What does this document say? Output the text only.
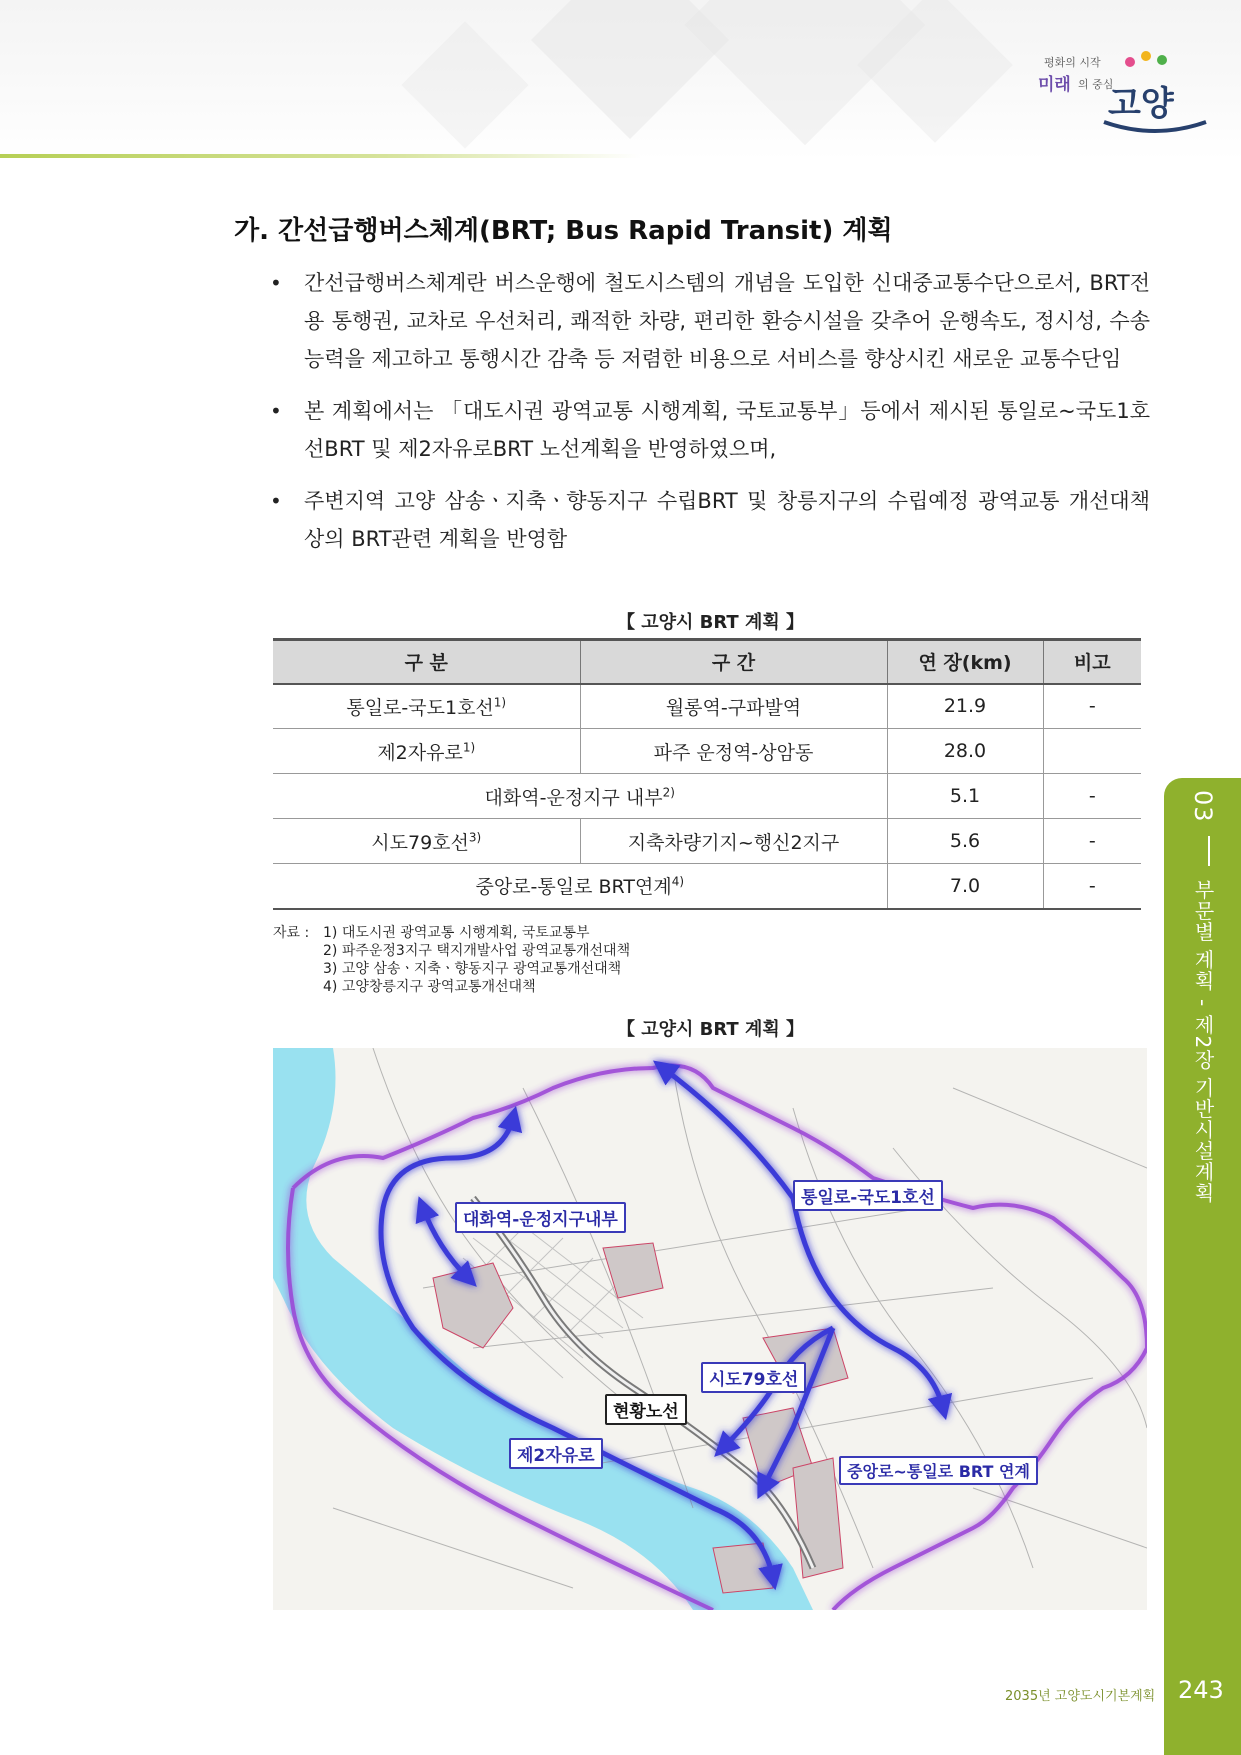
평화의 시작
미래 의 중심
고양
가. 간선급행버스체계(BRT; Bus Rapid Transit) 계획
• 간선급행버스체계란 버스운행에 철도시스템의 개념을 도입한 신대중교통수단으로서, BRT전용 통행권, 교차로 우선처리, 쾌적한 차량, 편리한 환승시설을 갖추어 운행속도, 정시성, 수송능력을 제고하고 통행시간 감축 등 저렴한 비용으로 서비스를 향상시킨 새로운 교통수단임
• 본 계획에서는 「대도시권 광역교통 시행계획, 국토교통부」등에서 제시된 통일로~국도1호선BRT 및 제2자유로BRT 노선계획을 반영하였으며,
• 주변지역 고양 삼송ㆍ지축ㆍ향동지구 수립BRT 및 창릉지구의 수립예정 광역교통 개선대책 상의 BRT관련 계획을 반영함
【 고양시 BRT 계획 】
구 분	구 간	연 장(km)	비고
통일로-국도1호선$^{1)}$	월롱역-구파발역	21.9	-
제2자유로$^{1)}$	파주 운정역-상암동	28.0	
대화역-운정지구 내부$^{2)}$		5.1	-
시도79호선$^{3)}$	지축차량기지~행신2지구	5.6	-
중앙로-통일로 BRT연계$^{4)}$		7.0	-
자료 : 1) 대도시권 광역교통 시행계획, 국토교통부
2) 파주운정3지구 택지개발사업 광역교통개선대책
3) 고양 삼송ㆍ지축ㆍ향동지구 광역교통개선대책
4) 고양창릉지구 광역교통개선대책
【 고양시 BRT 계획 】
통일로-국도1호선
대화역-운정지구내부
시도79호선
현황노선
제2자유로
중앙로~통일로 BRT 연계
03  부문별 계획 - 제2장 기반시설계획
2035년 고양도시기본계획 243
